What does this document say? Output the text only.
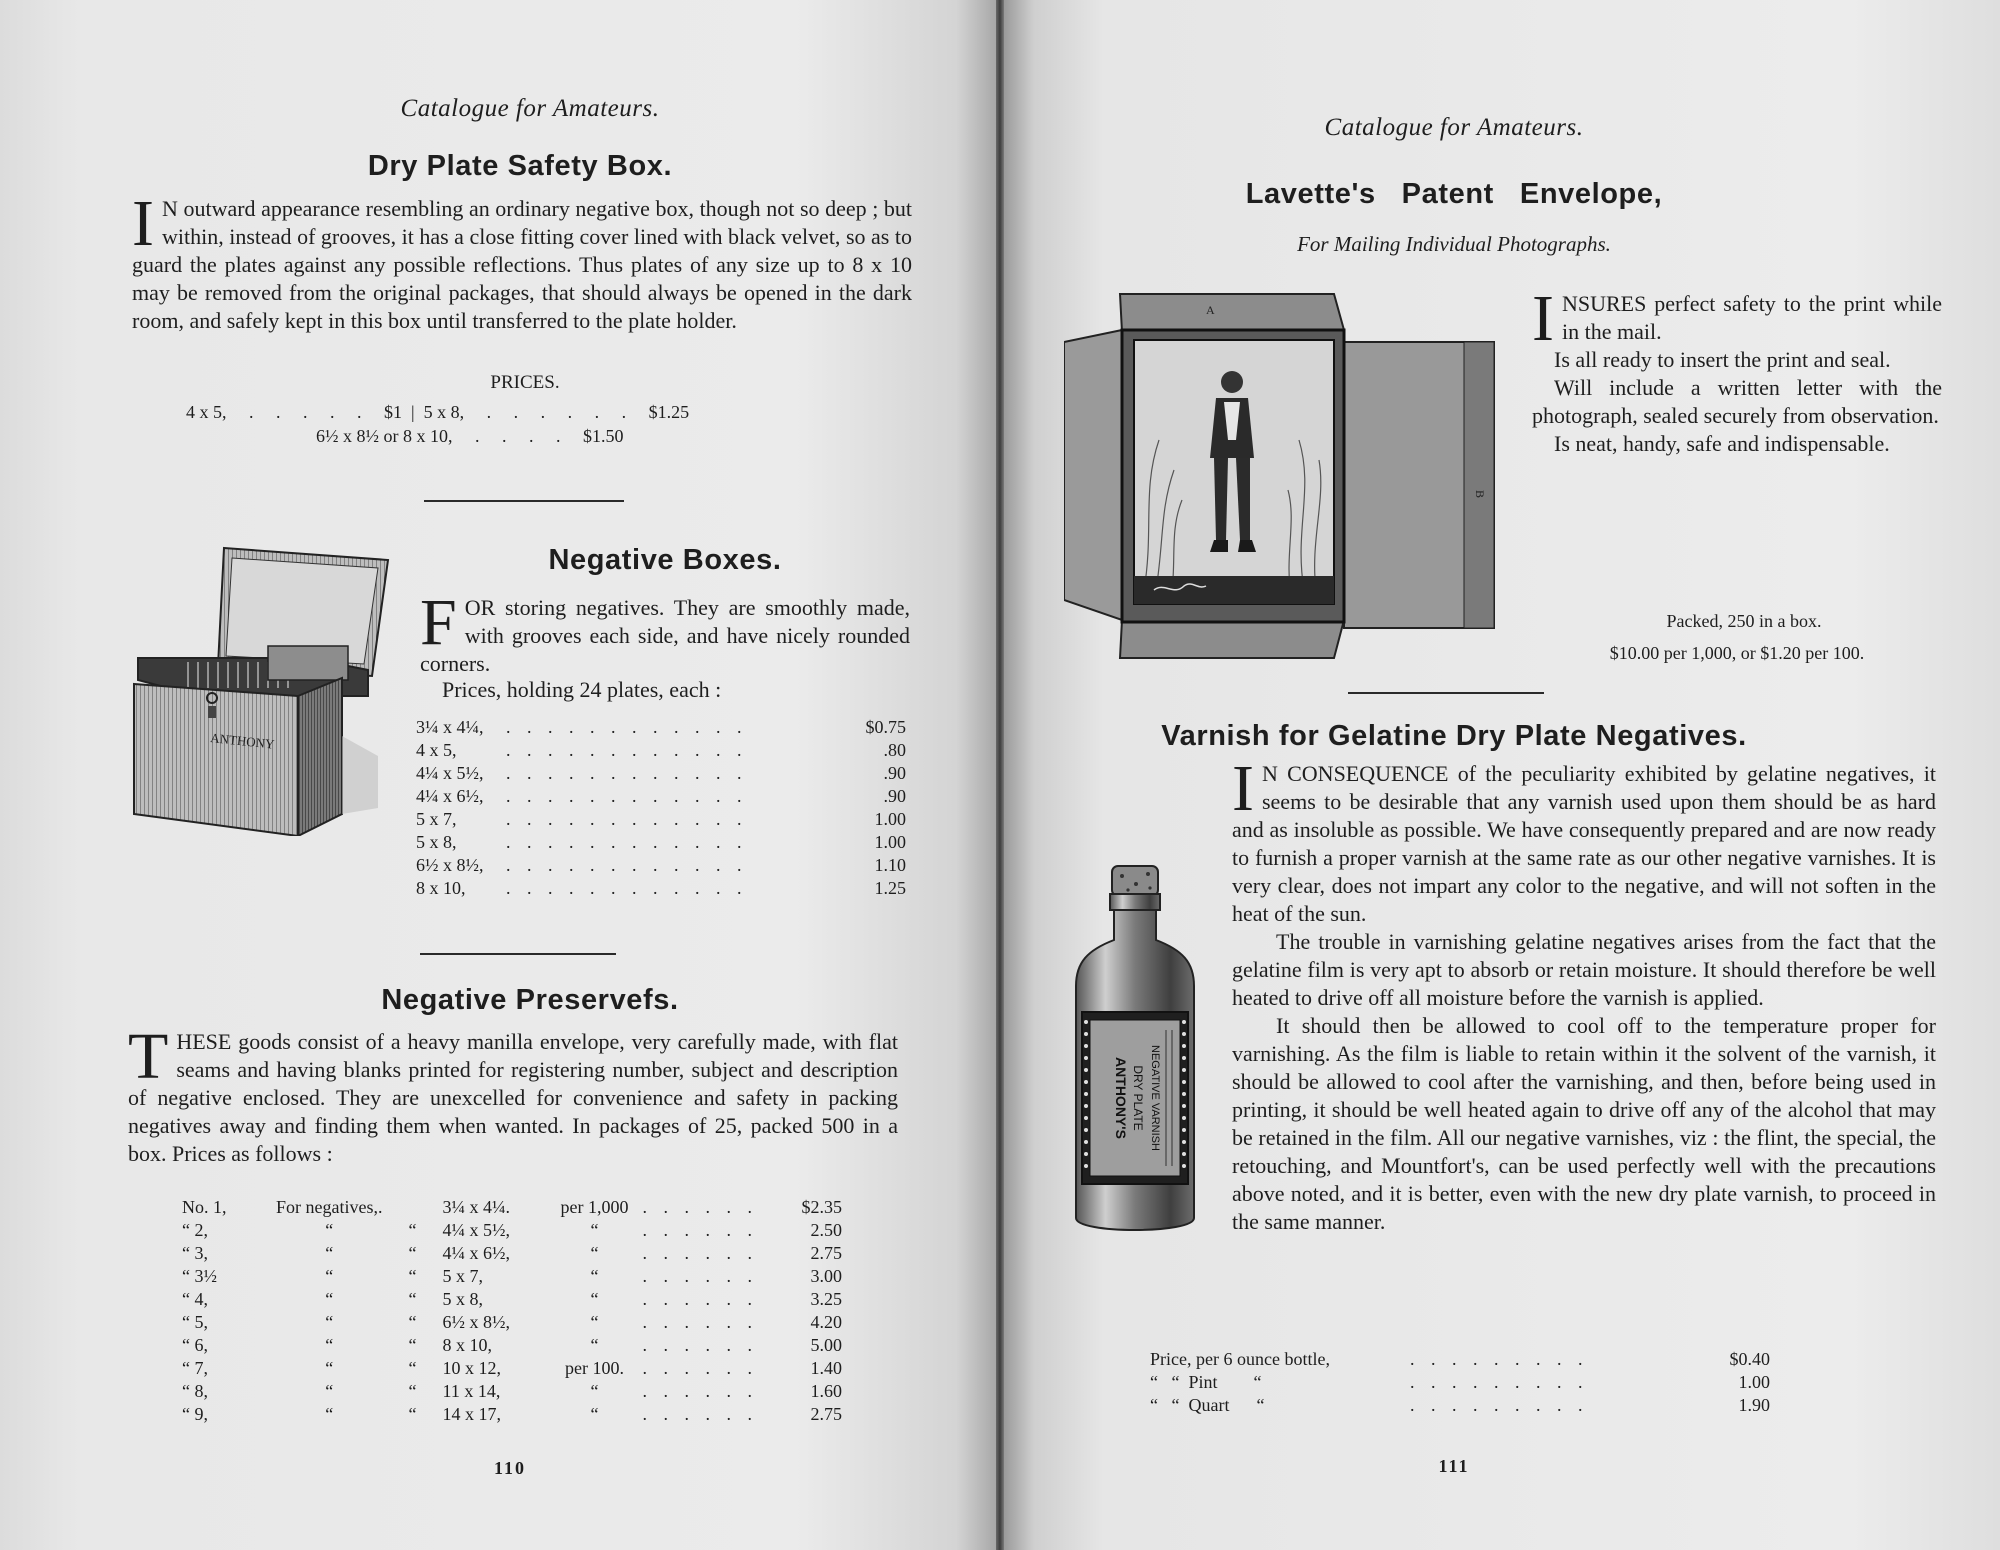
Catalogue for Amateurs.
Dry Plate Safety Box.
I N outward appearance resembling an ordinary negative box, though not so deep ; but within, instead of grooves, it has a close fitting cover lined with black velvet, so as to guard the plates against any possible reflections. Thus plates of any size up to 8 x 10 may be removed from the original packages, that should always be opened in the dark room, and safely kept in this box until transferred to the plate holder.
PRICES.
4 x 5,     .     .     .     .     .     $1  |  5 x 8,     .     .     .     .     .     .     $1.25
6½ x 8½ or 8 x 10,     .     .     .     .     $1.50
ANTHONY
Negative Boxes.
F OR storing negatives. They are smoothly made, with grooves each side, and have nicely rounded corners.
Prices, holding 24 plates, each :
3¼ x 4¼,	. . . . . . . . . . . .	$0.75
4 x 5,	. . . . . . . . . . . .	.80
4¼ x 5½,	. . . . . . . . . . . .	.90
4¼ x 6½,	. . . . . . . . . . . .	.90
5 x 7,	. . . . . . . . . . . .	1.00
5 x 8,	. . . . . . . . . . . .	1.00
6½ x 8½,	. . . . . . . . . . . .	1.10
8 x 10,	. . . . . . . . . . . .	1.25
Negative Preservefs.
T HESE goods consist of a heavy manilla envelope, very carefully made, with flat seams and having blanks printed for registering number, subject and description of negative enclosed. They are unexcelled for convenience and safety in packing negatives away and finding them when wanted. In packages of 25, packed 500 in a box. Prices as follows :
No. 1,	For negatives,.		3¼ x 4¼.	per 1,000	. . . . . .	$2.35
“ 2,	“	“	4¼ x 5½,	“	. . . . . .	2.50
“ 3,	“	“	4¼ x 6½,	“	. . . . . .	2.75
“ 3½	“	“	5 x 7,	“	. . . . . .	3.00
“ 4,	“	“	5 x 8,	“	. . . . . .	3.25
“ 5,	“	“	6½ x 8½,	“	. . . . . .	4.20
“ 6,	“	“	8 x 10,	“	. . . . . .	5.00
“ 7,	“	“	10 x 12,	per 100.	. . . . . .	1.40
“ 8,	“	“	11 x 14,	“	. . . . . .	1.60
“ 9,	“	“	14 x 17,	“	. . . . . .	2.75
110
Catalogue for Amateurs.
Lavette's   Patent   Envelope,
For Mailing Individual Photographs.
A
B

INSURES perfect safety to the print while in the mail.

Is all ready to insert the print and seal.

Will include a written letter with the photograph, sealed securely from observation.

Is neat, handy, safe and indispensable.

Packed, 250 in a box.
$10.00 per 1,000, or $1.20 per 100.
Varnish for Gelatine Dry Plate Negatives.
ANTHONY'S DRY PLATE NEGATIVE VARNISH

I N CONSEQUENCE of the peculiarity exhibited by gelatine negatives, it seems to be desirable that any varnish used upon them should be as hard and as insoluble as possible. We have consequently prepared and are now ready to furnish a proper varnish at the same rate as our other negative varnishes. It is very clear, does not impart any color to the negative, and will not soften in the heat of the sun.

The trouble in varnishing gelatine negatives arises from the fact that the gelatine film is very apt to absorb or retain moisture. It should therefore be well heated to drive off all moisture before the varnish is applied.

It should then be allowed to cool off to the temperature proper for varnishing. As the film is liable to retain within it the solvent of the varnish, it should be allowed to cool after the varnishing, and then, before being used in printing, it should be well heated again to drive off any of the alcohol that may be retained in the film. All our negative varnishes, viz : the flint, the special, the retouching, and Mountfort's, can be used perfectly well with the precautions above noted, and it is better, even with the new dry plate varnish, to proceed in the same manner.

Price, per 6 ounce bottle,	. . . . . . . . .	$0.40
“   “  Pint        “	. . . . . . . . .	1.00
“   “  Quart      “	. . . . . . . . .	1.90
111
